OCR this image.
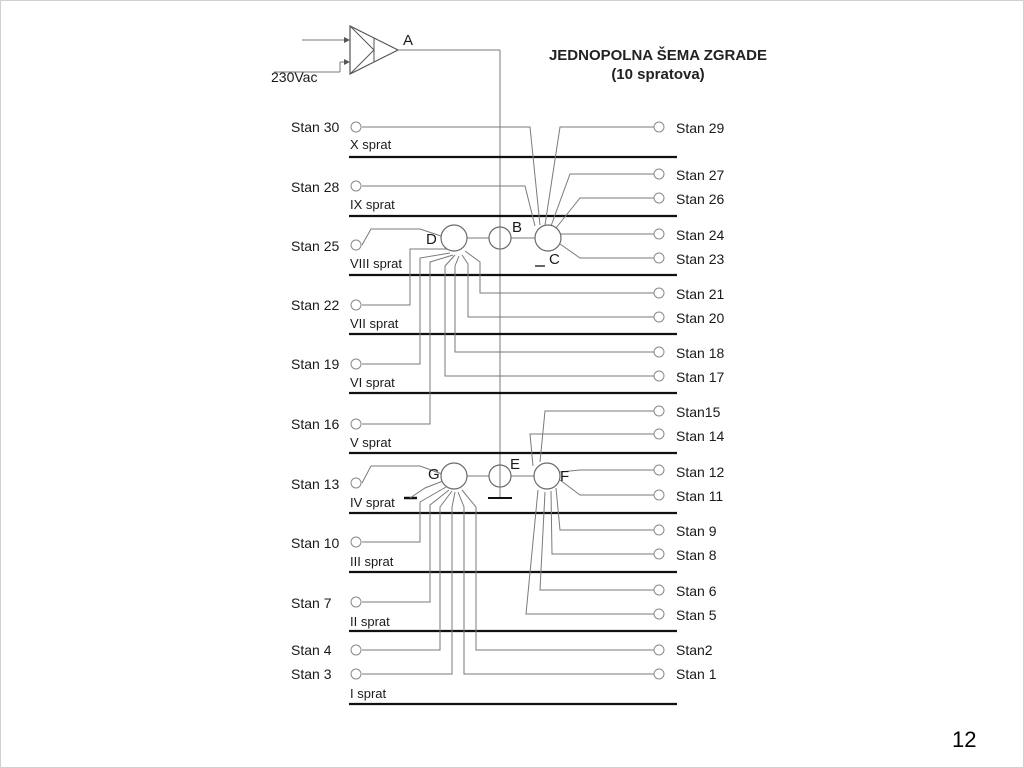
230Vac
A
X sprat
IX sprat
VIII sprat
VII sprat
VI sprat
V sprat
IV sprat
III sprat
II sprat
I sprat
Stan 30
Stan 28
Stan 25
Stan 22
Stan 19
Stan 16
Stan 13
Stan 10
Stan 7
Stan 4
Stan 3
Stan 29
Stan 27
Stan 26
Stan 24
Stan 23
Stan 21
Stan 20
Stan 18
Stan 17
Stan15
Stan 14
Stan 12
Stan 11
Stan 9
Stan 8
Stan 6
Stan 5
Stan2
Stan 1
B
C
D
E
F
G
JEDNOPOLNA ŠEMA ZGRADE
(10 spratova)
12
